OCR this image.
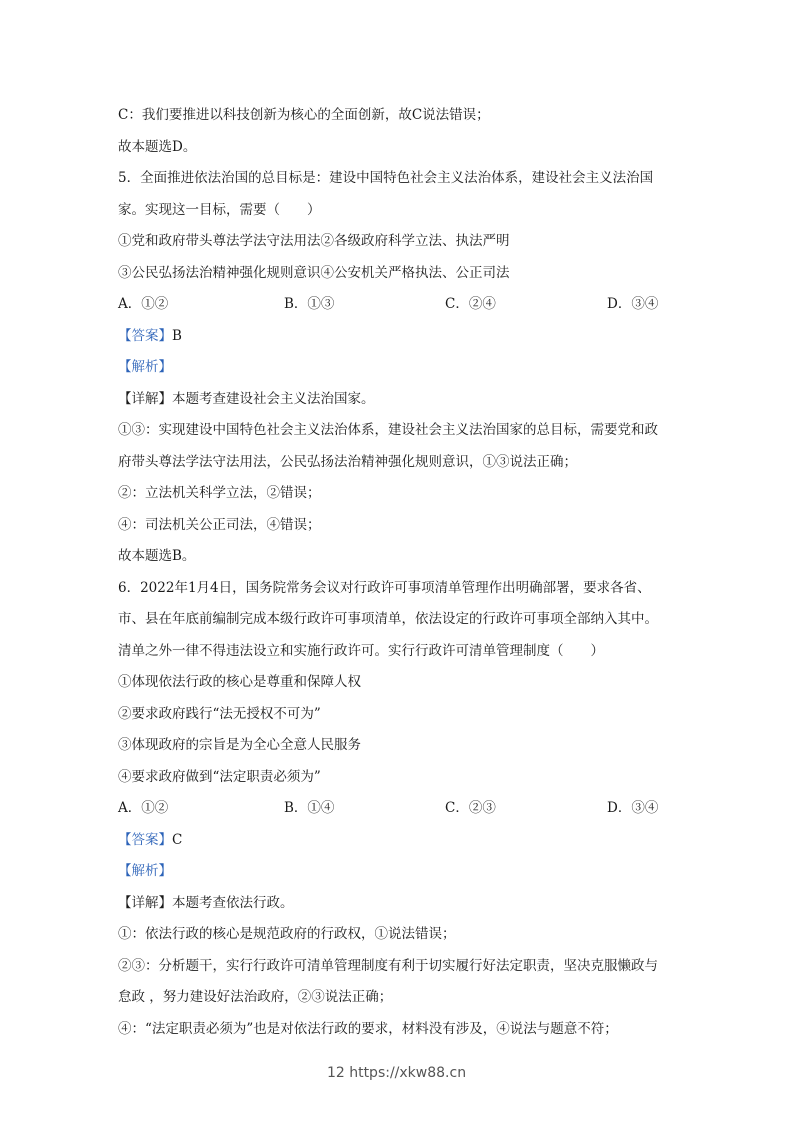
C：我们要推进以科技创新为核心的全面创新，故C说法错误；
故本题选D。
5．全面推进依法治国的总目标是：建设中国特色社会主义法治体系，建设社会主义法治国
家。实现这一目标，需要（　　）
①党和政府带头尊法学法守法用法②各级政府科学立法、执法严明
③公民弘扬法治精神强化规则意识④公安机关严格执法、公正司法
A．①②	B．①③	C．②④	D．③④
【答案】B
【解析】
【详解】本题考查建设社会主义法治国家。
①③：实现建设中国特色社会主义法治体系，建设社会主义法治国家的总目标，需要党和政
府带头尊法学法守法用法，公民弘扬法治精神强化规则意识，①③说法正确；
②：立法机关科学立法，②错误；
④：司法机关公正司法，④错误；
故本题选B。
6．2022年1月4日，国务院常务会议对行政许可事项清单管理作出明确部署，要求各省、
市、县在年底前编制完成本级行政许可事项清单，依法设定的行政许可事项全部纳入其中。
清单之外一律不得违法设立和实施行政许可。实行行政许可清单管理制度（　　）
①体现依法行政的核心是尊重和保障人权
②要求政府践行“法无授权不可为”
③体现政府的宗旨是为全心全意人民服务
④要求政府做到“法定职责必须为”
A．①②	B．①④	C．②③	D．③④
【答案】C
【解析】
【详解】本题考查依法行政。
①：依法行政的核心是规范政府的行政权，①说法错误；
②③：分析题干，实行行政许可清单管理制度有利于切实履行好法定职责，坚决克服懒政与
怠政 ，努力建设好法治政府，②③说法正确；
④：“法定职责必须为”也是对依法行政的要求，材料没有涉及，④说法与题意不符；
12 https://xkw88.cn
